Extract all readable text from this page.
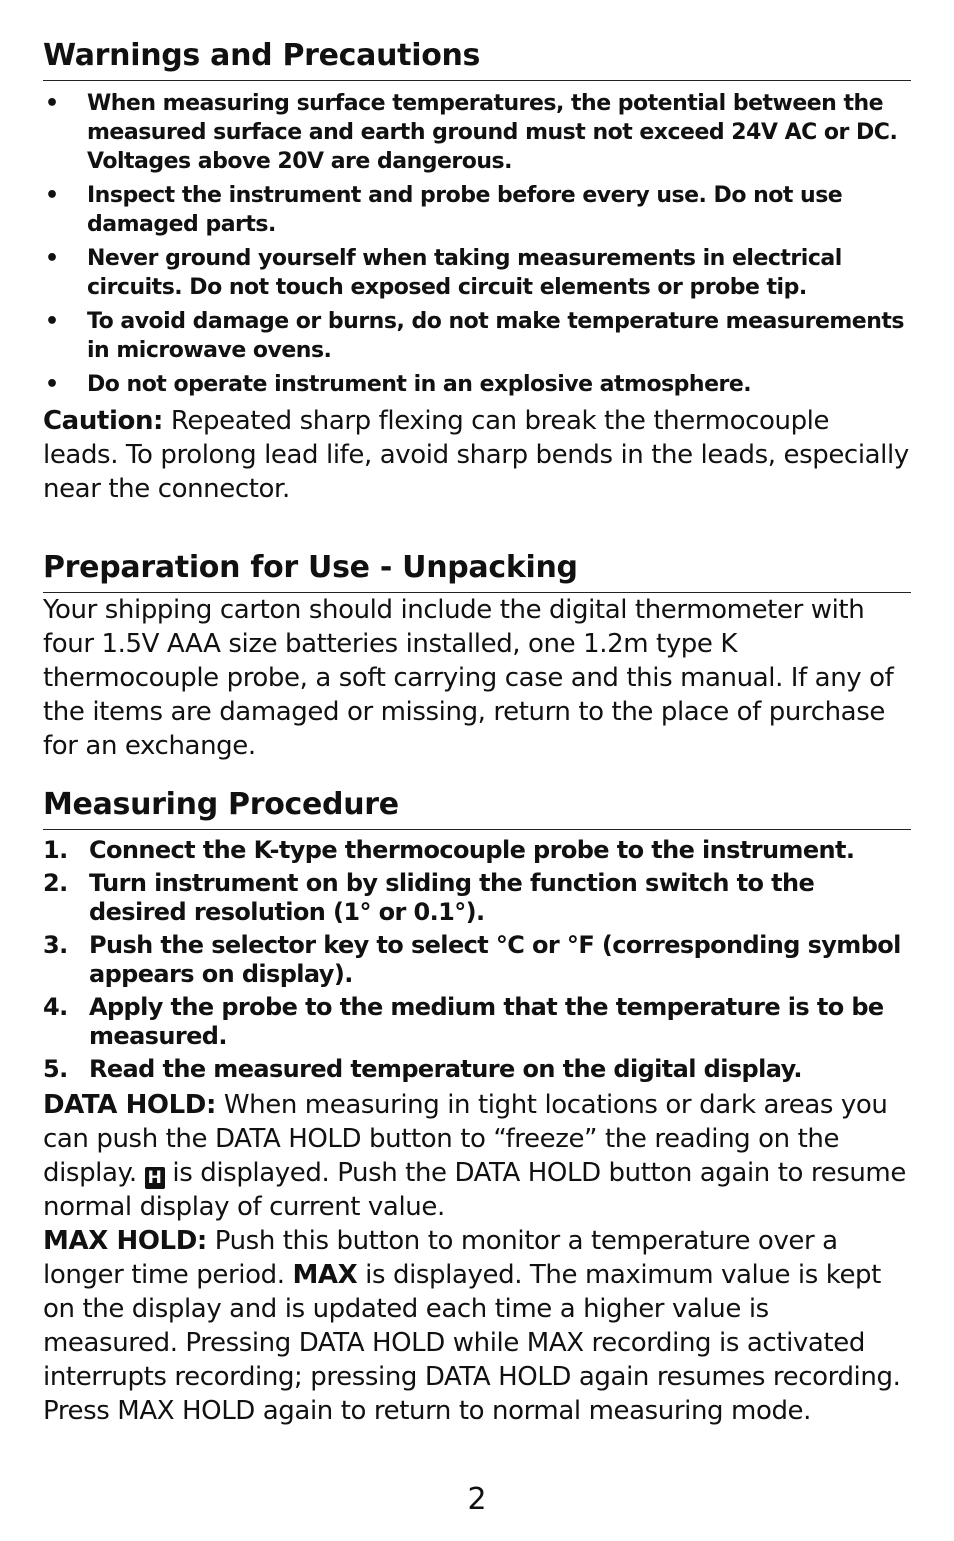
Warnings and Precautions
• When measuring surface temperatures, the potential between the measured surface and earth ground must not exceed 24V AC or DC. Voltages above 20V are dangerous.
• Inspect the instrument and probe before every use. Do not use damaged parts.
• Never ground yourself when taking measurements in electrical circuits. Do not touch exposed circuit elements or probe tip.
• To avoid damage or burns, do not make temperature measurements in microwave ovens.
• Do not operate instrument in an explosive atmosphere.

Caution: Repeated sharp flexing can break the thermocouple leads. To prolong lead life, avoid sharp bends in the leads, especially near the connector.

Preparation for Use - Unpacking

Your shipping carton should include the digital thermometer with four 1.5V AAA size batteries installed, one 1.2m type K thermocouple probe, a soft carrying case and this manual. If any of the items are damaged or missing, return to the place of purchase for an exchange.

Measuring Procedure
1. Connect the K-type thermocouple probe to the instrument.
2. Turn instrument on by sliding the function switch to the desired resolution (1° or 0.1°).
3. Push the selector key to select °C or °F (corresponding symbol appears on display).
4. Apply the probe to the medium that the temperature is to be measured.
5. Read the measured temperature on the digital display.

DATA HOLD: When measuring in tight locations or dark areas you can push the DATA HOLD button to “freeze” the reading on the display. H is displayed. Push the DATA HOLD button again to resume normal display of current value.

MAX HOLD: Push this button to monitor a temperature over a longer time period. MAX is displayed. The maximum value is kept on the display and is updated each time a higher value is measured. Pressing DATA HOLD while MAX recording is activated interrupts recording; pressing DATA HOLD again resumes recording. Press MAX HOLD again to return to normal measuring mode.

2
